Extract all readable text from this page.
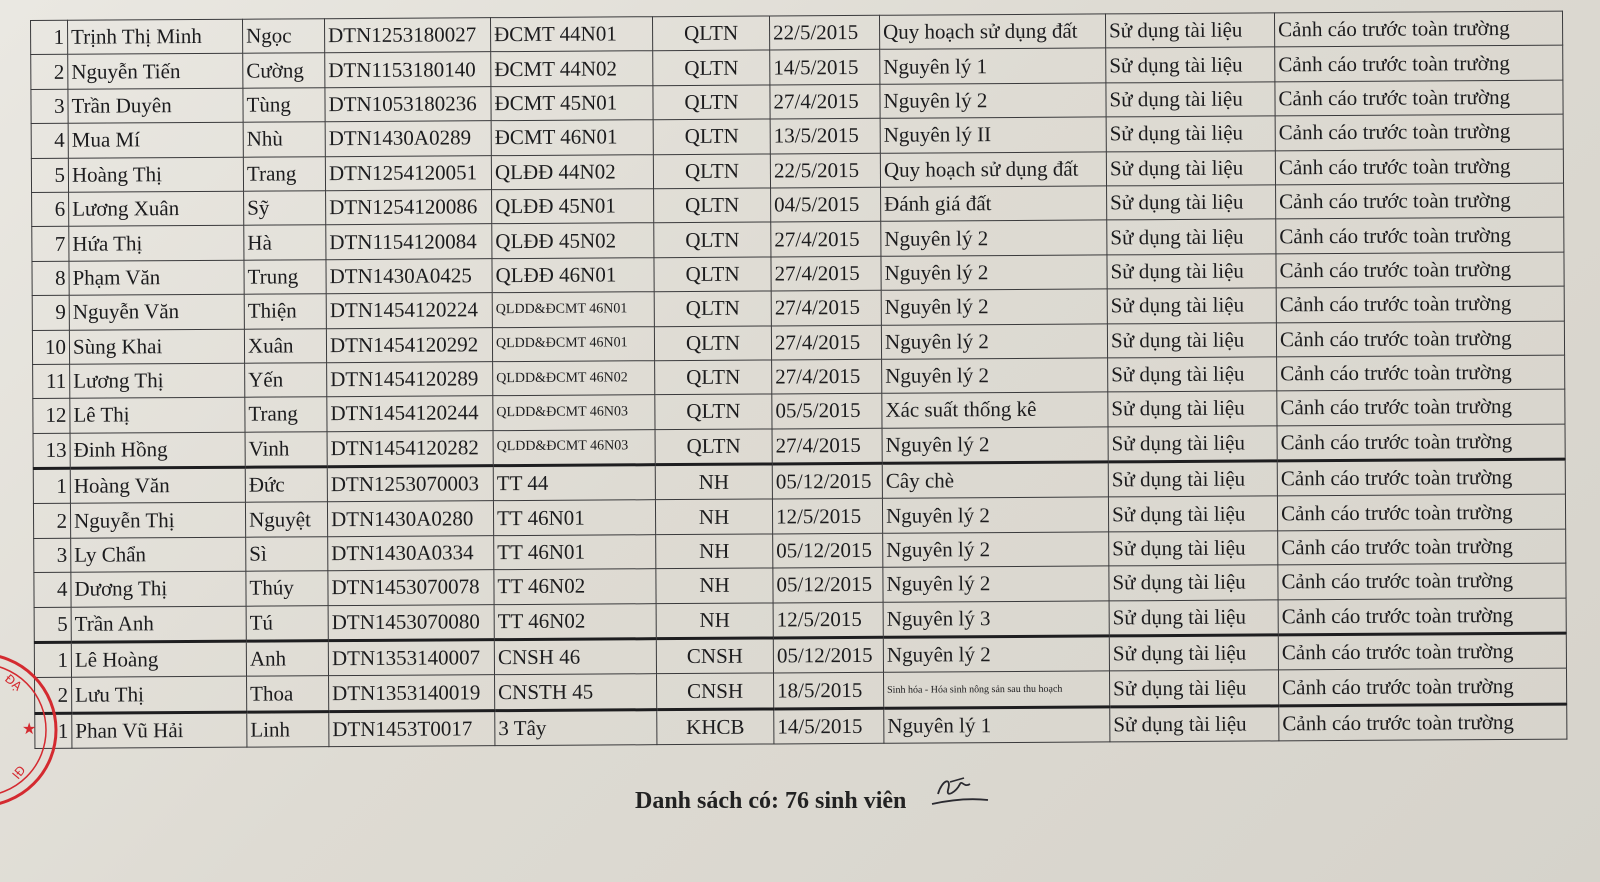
1	Trịnh Thị Minh	Ngọc	DTN1253180027	ĐCMT 44N01	QLTN	22/5/2015	Quy hoạch sử dụng đất	Sử dụng tài liệu	Cảnh cáo trước toàn trường
2	Nguyễn Tiến	Cường	DTN1153180140	ĐCMT 44N02	QLTN	14/5/2015	Nguyên lý 1	Sử dụng tài liệu	Cảnh cáo trước toàn trường
3	Trần Duyên	Tùng	DTN1053180236	ĐCMT 45N01	QLTN	27/4/2015	Nguyên lý 2	Sử dụng tài liệu	Cảnh cáo trước toàn trường
4	Mua Mí	Nhù	DTN1430A0289	ĐCMT 46N01	QLTN	13/5/2015	Nguyên lý II	Sử dụng tài liệu	Cảnh cáo trước toàn trường
5	Hoàng Thị	Trang	DTN1254120051	QLĐĐ 44N02	QLTN	22/5/2015	Quy hoạch sử dụng đất	Sử dụng tài liệu	Cảnh cáo trước toàn trường
6	Lương Xuân	Sỹ	DTN1254120086	QLĐĐ 45N01	QLTN	04/5/2015	Đánh giá đất	Sử dụng tài liệu	Cảnh cáo trước toàn trường
7	Hứa Thị	Hà	DTN1154120084	QLĐĐ 45N02	QLTN	27/4/2015	Nguyên lý 2	Sử dụng tài liệu	Cảnh cáo trước toàn trường
8	Phạm Văn	Trung	DTN1430A0425	QLĐĐ 46N01	QLTN	27/4/2015	Nguyên lý 2	Sử dụng tài liệu	Cảnh cáo trước toàn trường
9	Nguyễn Văn	Thiện	DTN1454120224	QLDD&ĐCMT 46N01	QLTN	27/4/2015	Nguyên lý 2	Sử dụng tài liệu	Cảnh cáo trước toàn trường
10	Sùng Khai	Xuân	DTN1454120292	QLDD&ĐCMT 46N01	QLTN	27/4/2015	Nguyên lý 2	Sử dụng tài liệu	Cảnh cáo trước toàn trường
11	Lương Thị	Yến	DTN1454120289	QLDD&ĐCMT 46N02	QLTN	27/4/2015	Nguyên lý 2	Sử dụng tài liệu	Cảnh cáo trước toàn trường
12	Lê Thị	Trang	DTN1454120244	QLDD&ĐCMT 46N03	QLTN	05/5/2015	Xác suất thống kê	Sử dụng tài liệu	Cảnh cáo trước toàn trường
13	Đinh Hồng	Vinh	DTN1454120282	QLDD&ĐCMT 46N03	QLTN	27/4/2015	Nguyên lý 2	Sử dụng tài liệu	Cảnh cáo trước toàn trường
1	Hoàng Văn	Đức	DTN1253070003	TT 44	NH	05/12/2015	Cây chè	Sử dụng tài liệu	Cảnh cáo trước toàn trường
2	Nguyễn Thị	Nguyệt	DTN1430A0280	TT 46N01	NH	12/5/2015	Nguyên lý 2	Sử dụng tài liệu	Cảnh cáo trước toàn trường
3	Ly Chẩn	Sì	DTN1430A0334	TT 46N01	NH	05/12/2015	Nguyên lý 2	Sử dụng tài liệu	Cảnh cáo trước toàn trường
4	Dương Thị	Thúy	DTN1453070078	TT 46N02	NH	05/12/2015	Nguyên lý 2	Sử dụng tài liệu	Cảnh cáo trước toàn trường
5	Trần Anh	Tú	DTN1453070080	TT 46N02	NH	12/5/2015	Nguyên lý 3	Sử dụng tài liệu	Cảnh cáo trước toàn trường
1	Lê Hoàng	Anh	DTN1353140007	CNSH 46	CNSH	05/12/2015	Nguyên lý 2	Sử dụng tài liệu	Cảnh cáo trước toàn trường
2	Lưu Thị	Thoa	DTN1353140019	CNSTH 45	CNSH	18/5/2015	Sinh hóa - Hóa sinh nông sản sau thu hoạch	Sử dụng tài liệu	Cảnh cáo trước toàn trường
1	Phan Vũ Hải	Linh	DTN1453T0017	3 Tây	KHCB	14/5/2015	Nguyên lý 1	Sử dụng tài liệu	Cảnh cáo trước toàn trường
Danh sách có: 76 sinh viên
★
ĐẠ
IĐ
